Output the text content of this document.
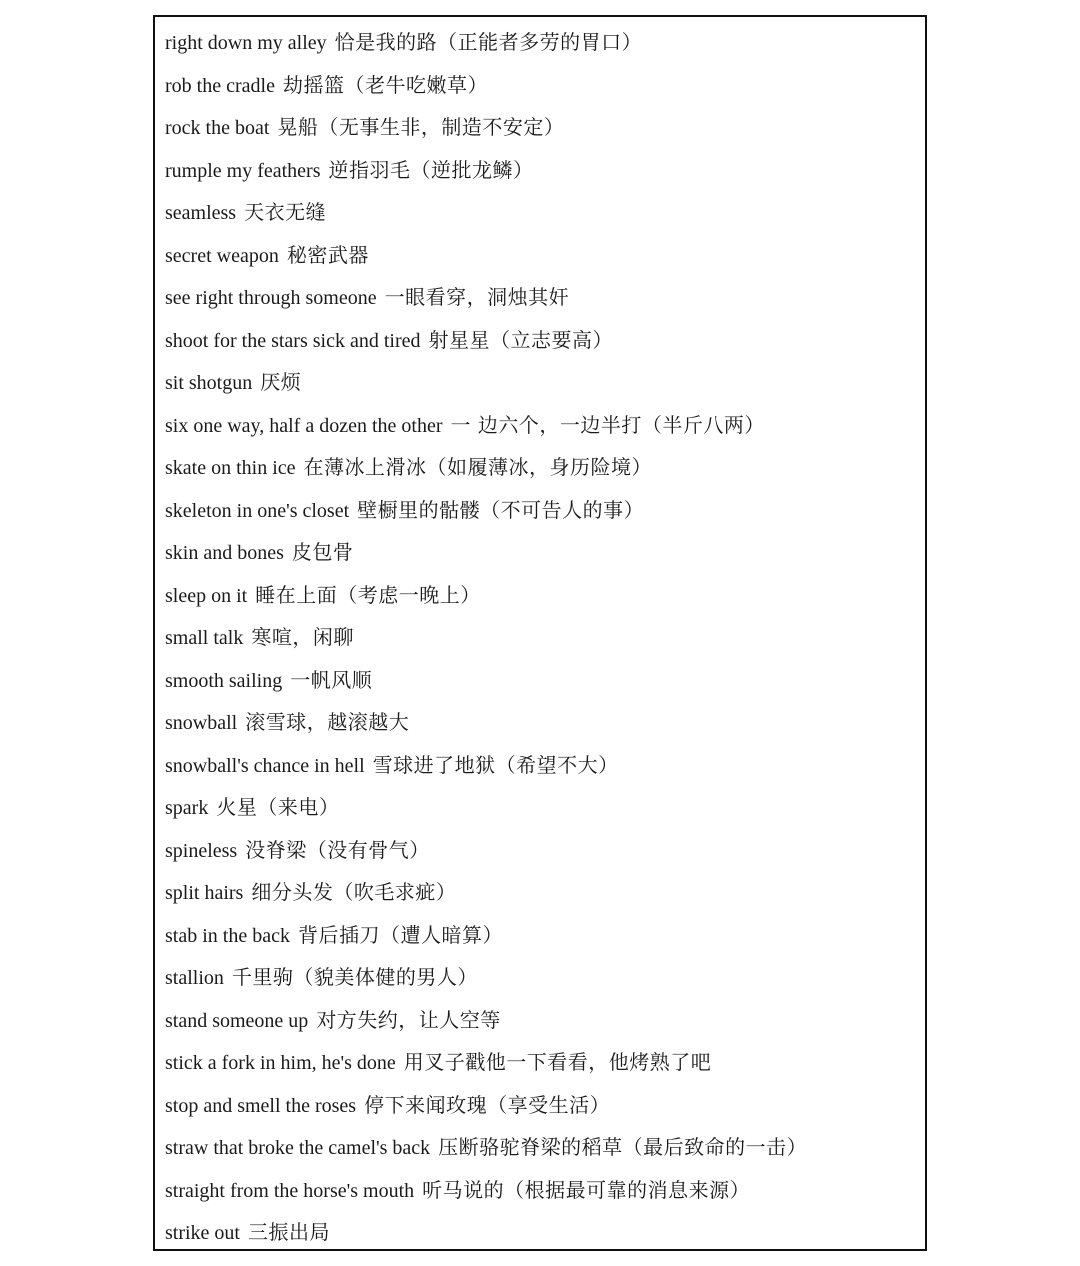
right down my alley 恰是我的路（正能者多劳的胃口）
rob the cradle 劫摇篮（老牛吃嫩草）
rock the boat 晃船（无事生非，制造不安定）
rumple my feathers 逆指羽毛（逆批龙鳞）
seamless 天衣无缝
secret weapon 秘密武器
see right through someone 一眼看穿，洞烛其奸
shoot for the stars sick and tired 射星星（立志要高）
sit shotgun 厌烦
six one way, half a dozen the other 一 边六个，一边半打（半斤八两）
skate on thin ice 在薄冰上滑冰（如履薄冰，身历险境）
skeleton in one's closet 壁橱里的骷髅（不可告人的事）
skin and bones 皮包骨
sleep on it 睡在上面（考虑一晚上）
small talk 寒喧，闲聊
smooth sailing 一帆风顺
snowball 滚雪球，越滚越大
snowball's chance in hell 雪球进了地狱（希望不大）
spark 火星（来电）
spineless 没脊梁（没有骨气）
split hairs 细分头发（吹毛求疵）
stab in the back 背后插刀（遭人暗算）
stallion 千里驹（貌美体健的男人）
stand someone up 对方失约，让人空等
stick a fork in him, he's done 用叉子戳他一下看看，他烤熟了吧
stop and smell the roses 停下来闻玫瑰（享受生活）
straw that broke the camel's back 压断骆驼脊梁的稻草（最后致命的一击）
straight from the horse's mouth 听马说的（根据最可靠的消息来源）
strike out 三振出局
